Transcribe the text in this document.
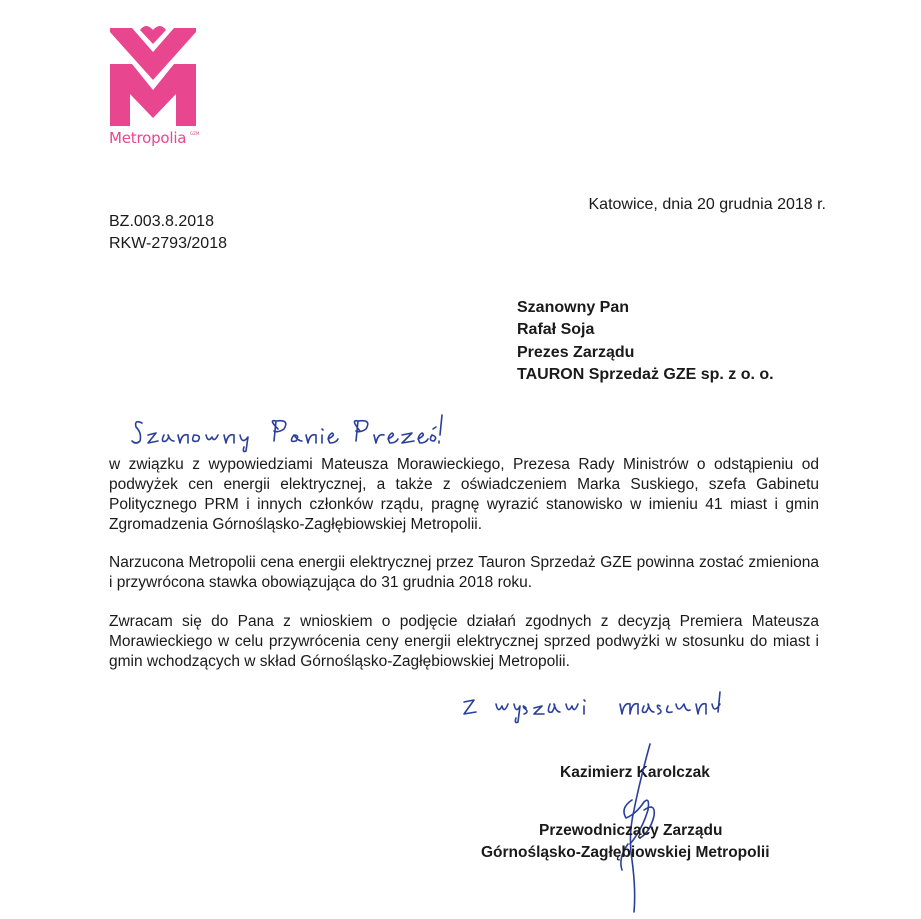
Metropolia GZM
Katowice, dnia 20 grudnia 2018 r.
BZ.003.8.2018
RKW-2793/2018
Szanowny Pan
Rafał Soja
Prezes Zarządu
TAURON Sprzedaż GZE sp. z o. o.
w związku z wypowiedziami Mateusza Morawieckiego, Prezesa Rady Ministrów o odstąpieniu od podwyżek cen energii elektrycznej, a także z oświadczeniem Marka Suskiego, szefa Gabinetu Politycznego PRM i innych członków rządu, pragnę wyrazić stanowisko w imieniu 41 miast i gmin Zgromadzenia Górnośląsko-Zagłębiowskiej Metropolii.
Narzucona Metropolii cena energii elektrycznej przez Tauron Sprzedaż GZE powinna zostać zmieniona i przywrócona stawka obowiązująca do 31 grudnia 2018 roku.
Zwracam się do Pana z wnioskiem o podjęcie działań zgodnych z decyzją Premiera Mateusza Morawieckiego w celu przywrócenia ceny energii elektrycznej sprzed podwyżki w stosunku do miast i gmin wchodzących w skład Górnośląsko-Zagłębiowskiej Metropolii.
Kazimierz Karolczak
Przewodniczący Zarządu
Górnośląsko-Zagłębiowskiej Metropolii
